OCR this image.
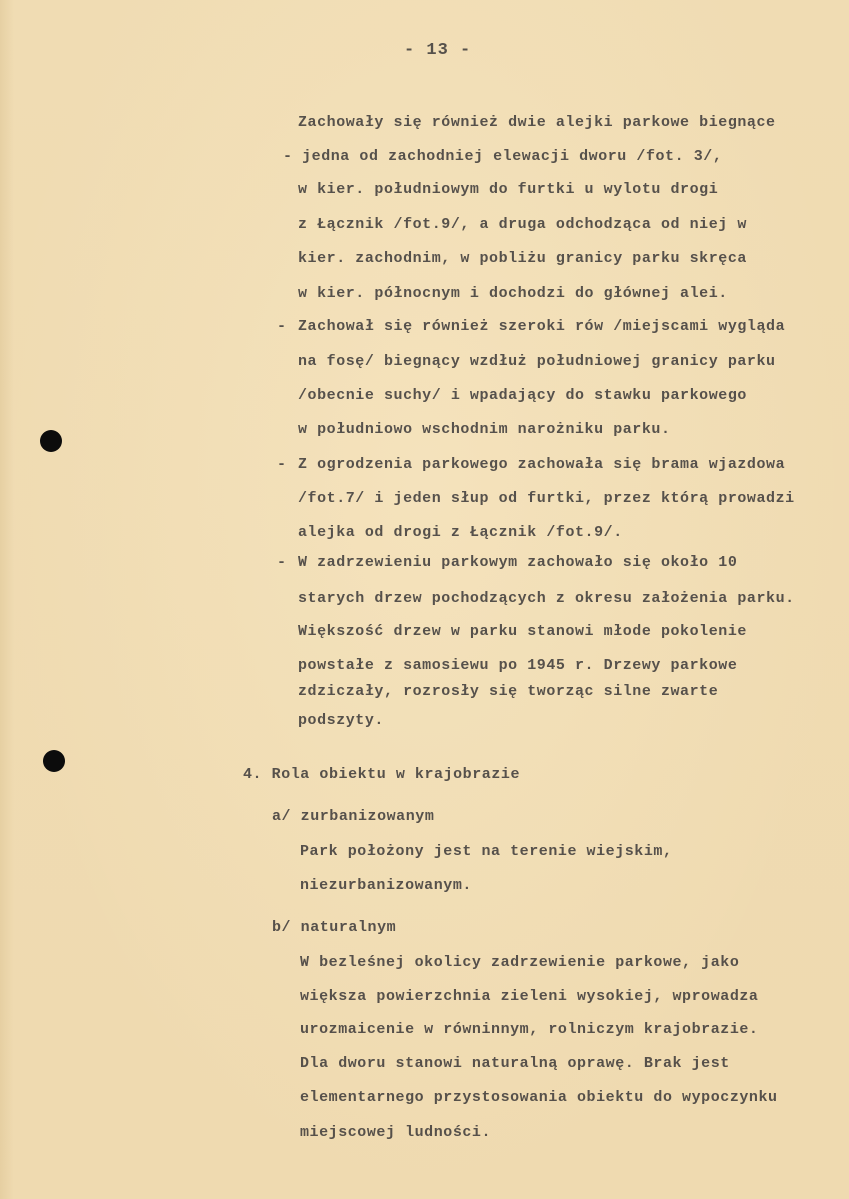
- 13 -
Zachowały się również dwie alejki parkowe biegnące
- jedna od zachodniej elewacji dworu /fot. 3/,
w kier. południowym do furtki u wylotu drogi
z Łącznik /fot.9/, a druga odchodząca od niej w
kier. zachodnim, w pobliżu granicy parku skręca
w kier. północnym i dochodzi do głównej alei.
- Zachował się również szeroki rów /miejscami wygląda
na fosę/ biegnący wzdłuż południowej granicy parku
/obecnie suchy/ i wpadający do stawku parkowego
w południowo wschodnim narożniku parku.
- Z ogrodzenia parkowego zachowała się brama wjazdowa
/fot.7/ i jeden słup od furtki, przez którą prowadzi
alejka od drogi z Łącznik /fot.9/.
- W zadrzewieniu parkowym zachowało się około 10
starych drzew pochodzących z okresu założenia parku.
Większość drzew w parku stanowi młode pokolenie
powstałe z samosiewu po 1945 r. Drzewy parkowe
zdziczały, rozrosły się tworząc silne zwarte
podszyty.
4. Rola obiektu w krajobrazie
a/ zurbanizowanym
Park położony jest na terenie wiejskim,
niezurbanizowanym.
b/ naturalnym
W bezleśnej okolicy zadrzewienie parkowe, jako
większa powierzchnia zieleni wysokiej, wprowadza
urozmaicenie w równinnym, rolniczym krajobrazie.
Dla dworu stanowi naturalną oprawę. Brak jest
elementarnego przystosowania obiektu do wypoczynku
miejscowej ludności.
